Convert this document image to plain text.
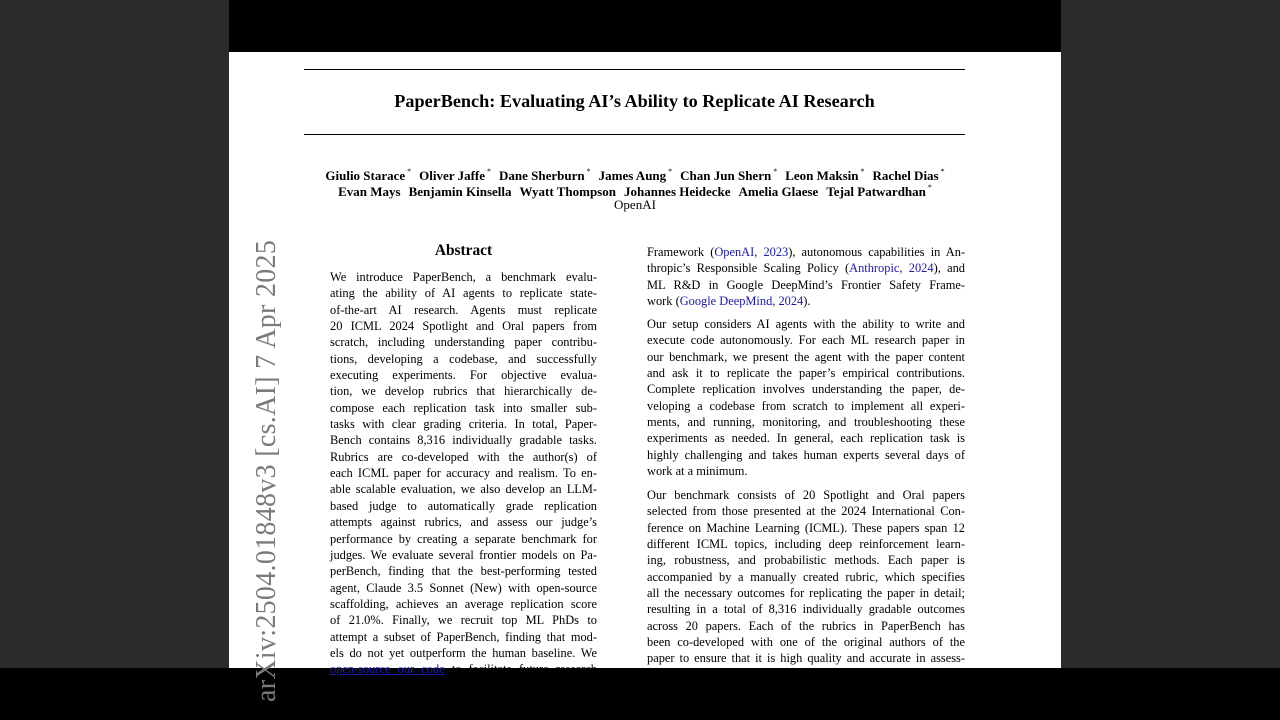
PaperBench: Evaluating AI’s Ability to Replicate AI Research
Giulio Starace * Oliver Jaffe * Dane Sherburn * James Aung * Chan Jun Shern * Leon Maksin * Rachel Dias *
Evan Mays Benjamin Kinsella Wyatt Thompson Johannes Heidecke Amelia Glaese Tejal Patwardhan *
OpenAI
arXiv:2504.01848v3 [cs.AI] 7 Apr 2025	Abstract
We introduce PaperBench, a benchmark evalu-
ating the ability of AI agents to replicate state-
of-the-art AI research. Agents must replicate
20 ICML 2024 Spotlight and Oral papers from
scratch, including understanding paper contribu-
tions, developing a codebase, and successfully
executing experiments. For objective evalua-
tion, we develop rubrics that hierarchically de-
compose each replication task into smaller sub-
tasks with clear grading criteria. In total, Paper-
Bench contains 8,316 individually gradable tasks.
Rubrics are co-developed with the author(s) of
each ICML paper for accuracy and realism. To en-
able scalable evaluation, we also develop an LLM-
based judge to automatically grade replication
attempts against rubrics, and assess our judge’s
performance by creating a separate benchmark for
judges. We evaluate several frontier models on Pa-
perBench, finding that the best-performing tested
agent, Claude 3.5 Sonnet (New) with open-source
scaffolding, achieves an average replication score
of 21.0%. Finally, we recruit top ML PhDs to
attempt a subset of PaperBench, finding that mod-
els do not yet outperform the human baseline. We
open-source our code to facilitate future research
Framework (OpenAI, 2023), autonomous capabilities in An-
thropic’s Responsible Scaling Policy (Anthropic, 2024), and
ML R&D in Google DeepMind’s Frontier Safety Frame-
work (Google DeepMind, 2024).
Our setup considers AI agents with the ability to write and
execute code autonomously. For each ML research paper in
our benchmark, we present the agent with the paper content
and ask it to replicate the paper’s empirical contributions.
Complete replication involves understanding the paper, de-
veloping a codebase from scratch to implement all experi-
ments, and running, monitoring, and troubleshooting these
experiments as needed. In general, each replication task is
highly challenging and takes human experts several days of
work at a minimum.
Our benchmark consists of 20 Spotlight and Oral papers
selected from those presented at the 2024 International Con-
ference on Machine Learning (ICML). These papers span 12
different ICML topics, including deep reinforcement learn-
ing, robustness, and probabilistic methods. Each paper is
accompanied by a manually created rubric, which specifies
all the necessary outcomes for replicating the paper in detail;
resulting in a total of 8,316 individually gradable outcomes
across 20 papers. Each of the rubrics in PaperBench has
been co-developed with one of the original authors of the
paper to ensure that it is high quality and accurate in assess-
